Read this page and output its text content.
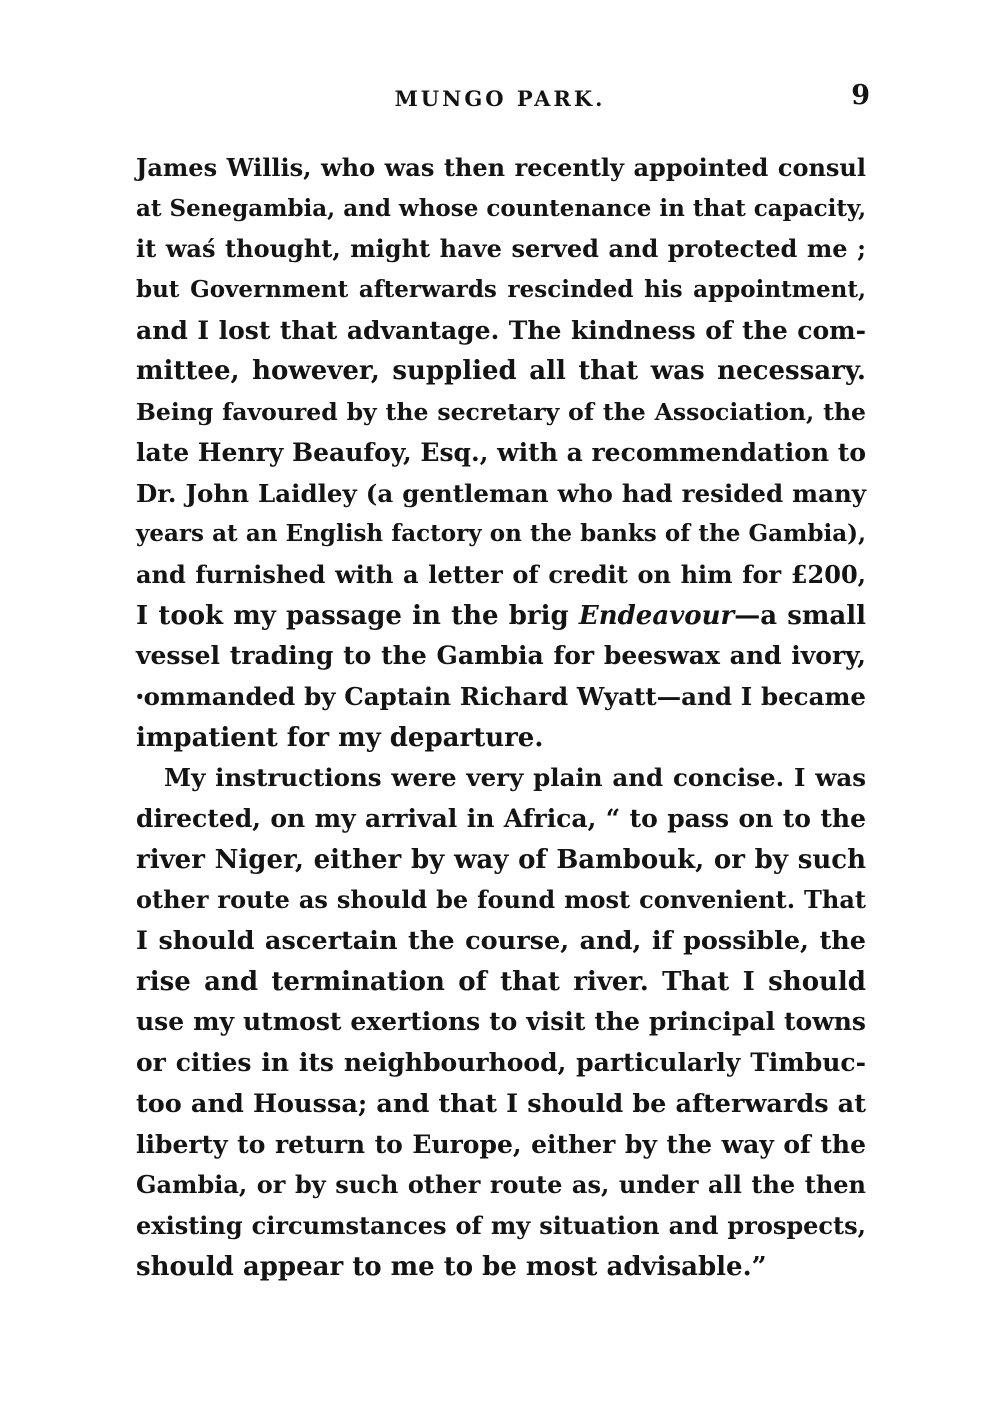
MUNGO PARK.	9
James Willis, who was then recently appointed consul
at Senegambia, and whose countenance in that capacity,
it waś thought, might have served and protected me ;
but Government afterwards rescinded his appointment,
and I lost that advantage. The kindness of the com-
mittee, however, supplied all that was necessary.
Being favoured by the secretary of the Association, the
late Henry Beaufoy, Esq., with a recommendation to
Dr. John Laidley (a gentleman who had resided many
years at an English factory on the banks of the Gambia),
and furnished with a letter of credit on him for £200,
I took my passage in the brig Endeavour—a small
vessel trading to the Gambia for beeswax and ivory,
ꞏommanded by Captain Richard Wyatt—and I became
impatient for my departure.
My instructions were very plain and concise. I was
directed, on my arrival in Africa, “ to pass on to the
river Niger, either by way of Bambouk, or by such
other route as should be found most convenient. That
I should ascertain the course, and, if possible, the
rise and termination of that river. That I should
use my utmost exertions to visit the principal towns
or cities in its neighbourhood, particularly Timbuc-
too and Houssa; and that I should be afterwards at
liberty to return to Europe, either by the way of the
Gambia, or by such other route as, under all the then
existing circumstances of my situation and prospects,
should appear to me to be most advisable.”
